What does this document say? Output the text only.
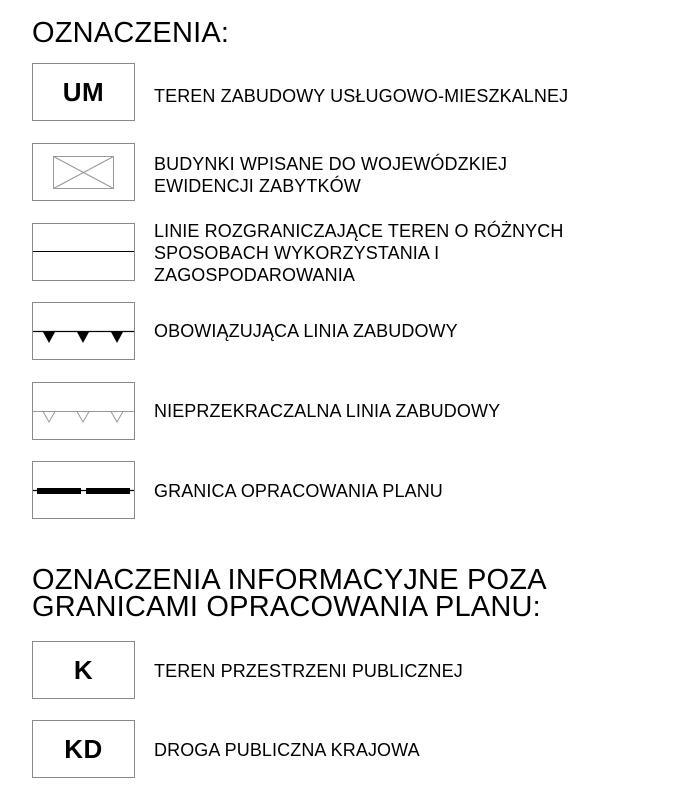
OZNACZENIA:
UM	TEREN ZABUDOWY USŁUGOWO-MIESZKALNEJ
BUDYNKI WPISANE DO WOJEWÓDZKIEJ
EWIDENCJI ZABYTKÓW
LINIE ROZGRANICZAJĄCE TEREN O RÓŻNYCH
SPOSOBACH WYKORZYSTANIA I
ZAGOSPODAROWANIA
OBOWIĄZUJĄCA LINIA ZABUDOWY
NIEPRZEKRACZALNA LINIA ZABUDOWY
GRANICA OPRACOWANIA PLANU
OZNACZENIA INFORMACYJNE POZA
GRANICAMI OPRACOWANIA PLANU:
K	TEREN PRZESTRZENI PUBLICZNEJ
KD	DROGA PUBLICZNA KRAJOWA
